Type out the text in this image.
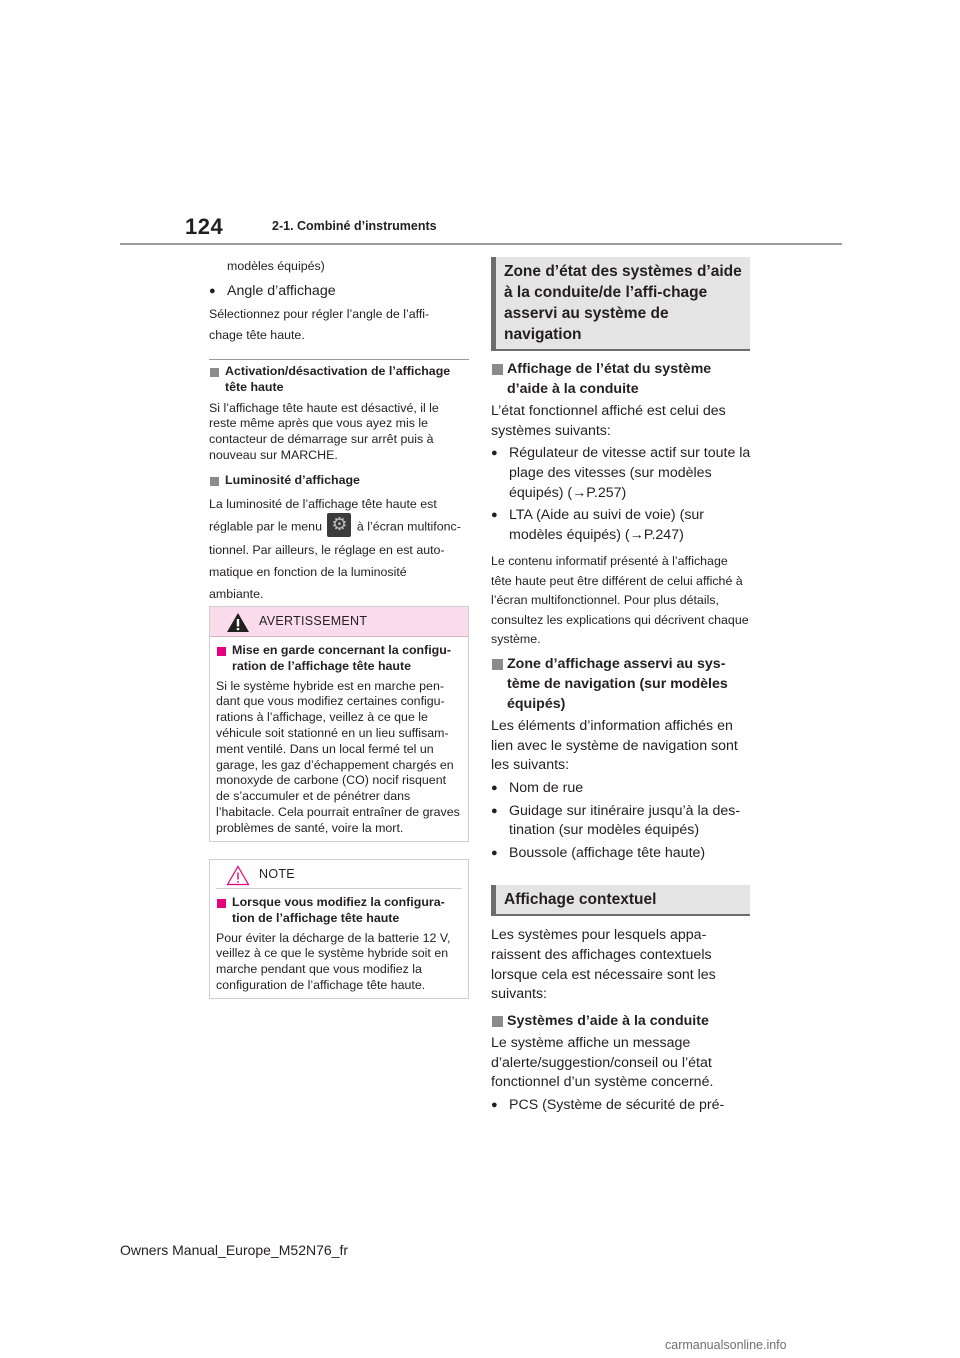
124	2-1. Combiné d’instruments
modèles équipés)
● Angle d’affichage
Sélectionnez pour régler l’angle de l’affi-chage tête haute.
Activation/désactivation de l’affichage tête haute
Si l’affichage tête haute est désactivé, il le reste même après que vous ayez mis le contacteur de démarrage sur arrêt puis à nouveau sur MARCHE.
Luminosité d’affichage
La luminosité de l’affichage tête haute est réglable par le menu ⚙	à l’écran multifonc-tionnel. Par ailleurs, le réglage en est auto-matique en fonction de la luminosité ambiante.
AVERTISSEMENT
Mise en garde concernant la configu-ration de l’affichage tête haute
Si le système hybride est en marche pen-dant que vous modifiez certaines configu-rations à l’affichage, veillez à ce que le véhicule soit stationné en un lieu suffisam-ment ventilé. Dans un local fermé tel un garage, les gaz d’échappement chargés en monoxyde de carbone (CO) nocif risquent de s’accumuler et de pénétrer dans l’habitacle. Cela pourrait entraîner de graves problèmes de santé, voire la mort.
NOTE
Lorsque vous modifiez la configura-tion de l’affichage tête haute
Pour éviter la décharge de la batterie 12 V, veillez à ce que le système hybride soit en marche pendant que vous modifiez la configuration de l’affichage tête haute.
Zone d’état des systèmes d’aide à la conduite/de l’affi-chage asservi au système de navigation
Affichage de l’état du système d’aide à la conduite
L’état fonctionnel affiché est celui des systèmes suivants:
● Régulateur de vitesse actif sur toute la plage des vitesses (sur modèles équipés) (→P.257)
● LTA (Aide au suivi de voie) (sur modèles équipés) (→P.247)
Le contenu informatif présenté à l’affichage tête haute peut être différent de celui affiché à l’écran multifonctionnel. Pour plus détails, consultez les explications qui décrivent chaque système.
Zone d’affichage asservi au sys-tème de navigation (sur modèles équipés)
Les éléments d’information affichés en lien avec le système de navigation sont les suivants:
● Nom de rue
● Guidage sur itinéraire jusqu’à la des-tination (sur modèles équipés)
● Boussole (affichage tête haute)
Affichage contextuel
Les systèmes pour lesquels appa-raissent des affichages contextuels lorsque cela est nécessaire sont les suivants:
Systèmes d’aide à la conduite
Le système affiche un message d’alerte/suggestion/conseil ou l’état fonctionnel d’un système concerné.
● PCS (Système de sécurité de pré-
Owners Manual_Europe_M52N76_fr
carmanualsonline.info
